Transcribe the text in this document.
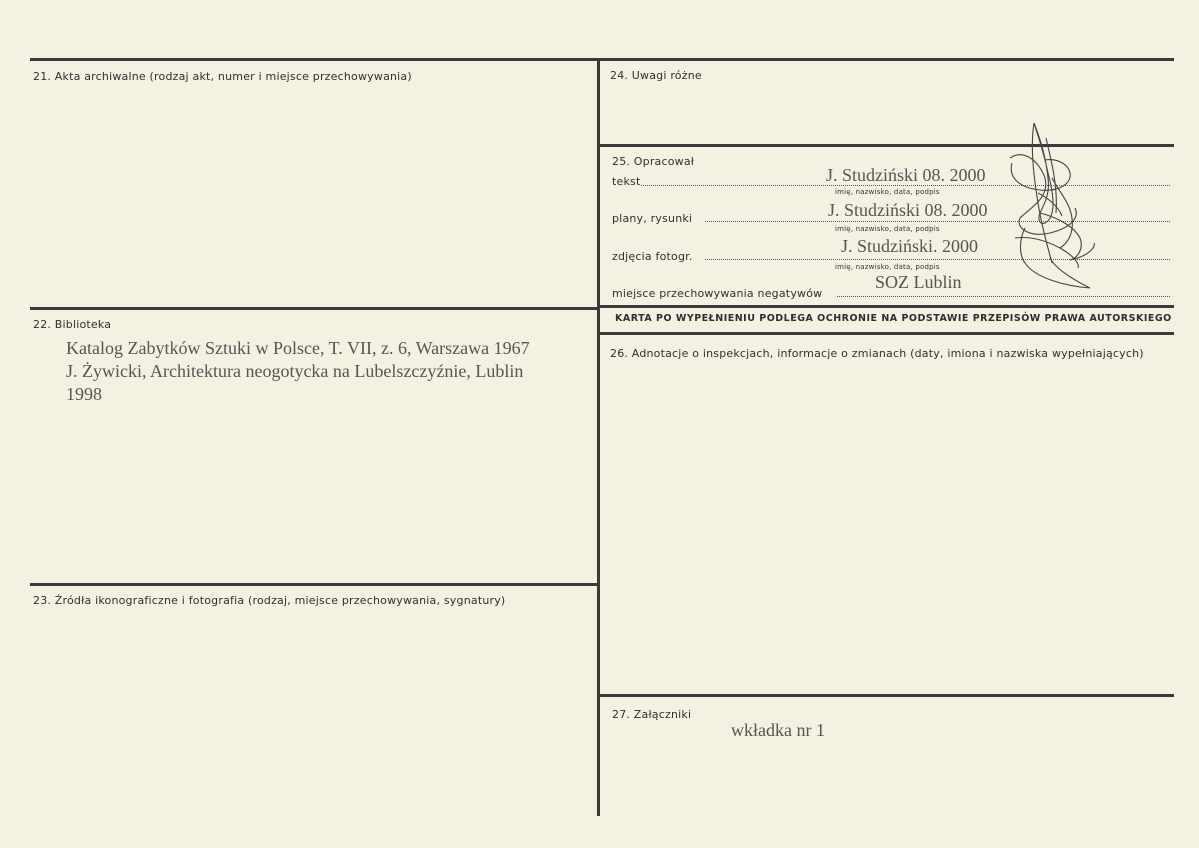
21. Akta archiwalne (rodzaj akt, numer i miejsce przechowywania)
22. Biblioteka
Katalog Zabytków Sztuki w Polsce, T. VII, z. 6, Warszawa 1967
J. Żywicki, Architektura neogotycka na Lubelszczyźnie, Lublin
1998
23. Źródła ikonograficzne i fotografia (rodzaj, miejsce przechowywania, sygnatury)
24. Uwagi różne
25. Opracował
tekst	J. Studziński 08. 2000
imię, nazwisko, data, podpis
plany, rysunki	J. Studziński 08. 2000
imię, nazwisko, data, podpis
zdjęcia fotogr.
J. Studziński. 2000
imię, nazwisko, data, podpis
miejsce przechowywania negatywów
SOZ Lublin
KARTA PO WYPEŁNIENIU PODLEGA OCHRONIE NA PODSTAWIE PRZEPISÓW PRAWA AUTORSKIEGO
26. Adnotacje o inspekcjach, informacje o zmianach (daty, imiona i nazwiska wypełniających)
27. Załączniki
wkładka nr 1
